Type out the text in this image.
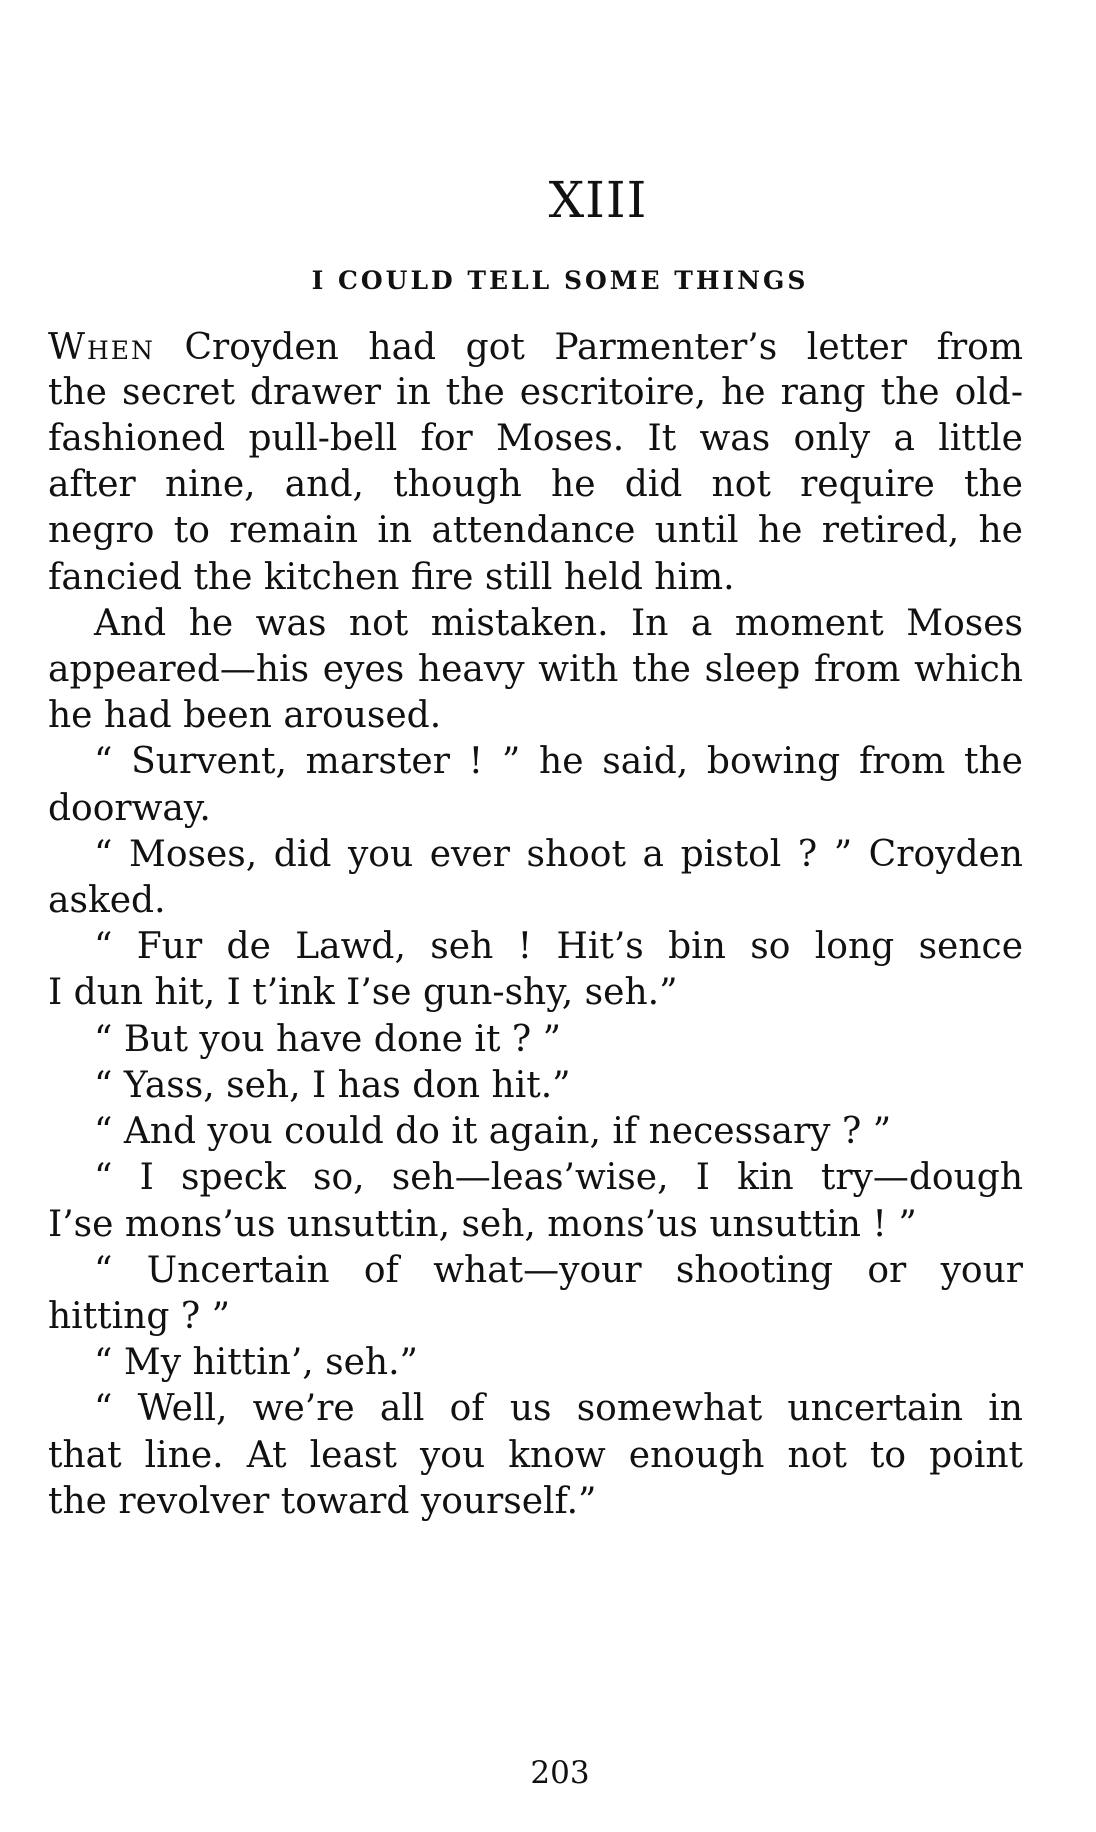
XIII
I COULD TELL SOME THINGS
When Croyden had got Parmenter’s letter from
the secret drawer in the escritoire, he rang the old-
fashioned pull-bell for Moses. It was only a little
after nine, and, though he did not require the
negro to remain in attendance until he retired, he
fancied the kitchen fire still held him.
And he was not mistaken. In a moment Moses
appeared—his eyes heavy with the sleep from which
he had been aroused.
“ Survent, marster ! ” he said, bowing from the
doorway.
“ Moses, did you ever shoot a pistol ? ” Croyden
asked.
“ Fur de Lawd, seh ! Hit’s bin so long sence
I dun hit, I t’ink I’se gun-shy, seh.”
“ But you have done it ? ”
“ Yass, seh, I has don hit.”
“ And you could do it again, if necessary ? ”
“ I speck so, seh—leas’wise, I kin try—dough
I’se mons’us unsuttin, seh, mons’us unsuttin ! ”
“ Uncertain of what—your shooting or your
hitting ? ”
“ My hittin’, seh.”
“ Well, we’re all of us somewhat uncertain in
that line. At least you know enough not to point
the revolver toward yourself.”
203
